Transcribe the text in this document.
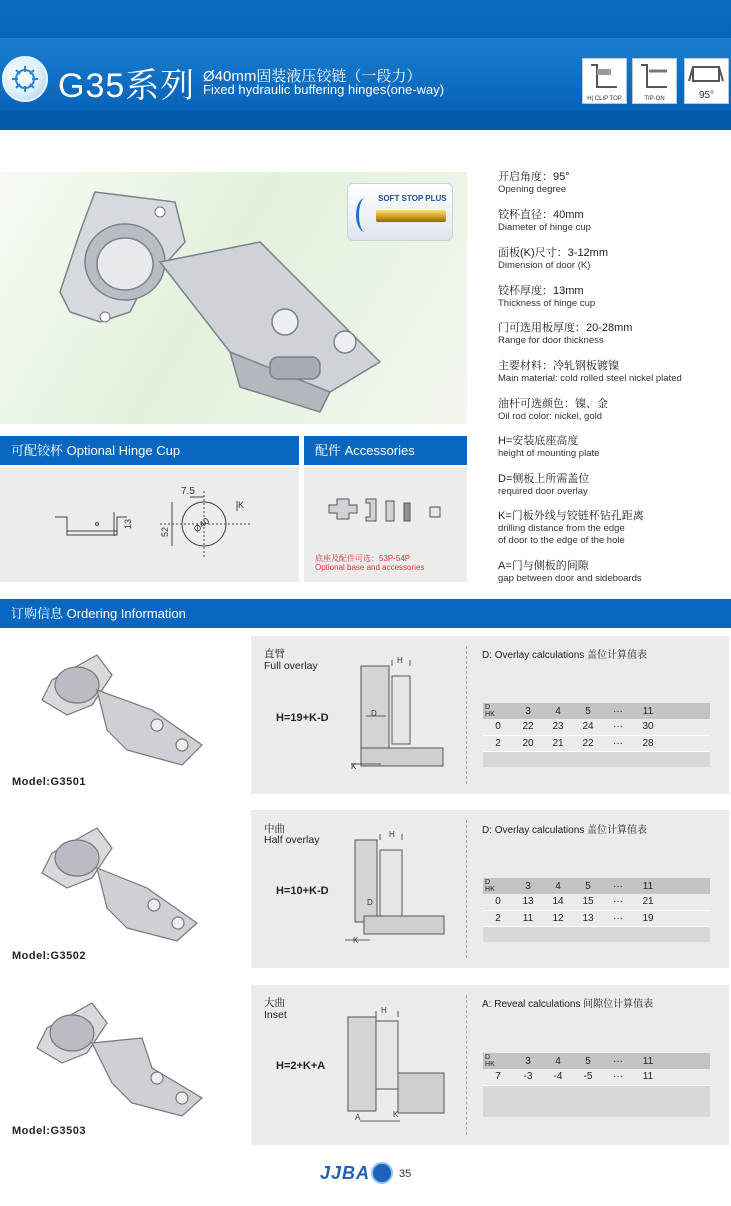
G35系列 Ø40mm固装液压铰链（一段力）
Fixed hydraulic buffering hinges(one-way)
H| CLIP TOP	TIP-ON	95°
SOFT STOP PLUS
开启角度：95°
Opening degree
铰杯直径：40mm
Diameter of hinge cup
面板(K)尺寸：3-12mm
Dimension of door (K)
铰杯厚度：13mm
Thickness of hinge cup
门可选用板厚度：20-28mm
Range for door thickness
主要材料：冷轧钢板镀镍
Main material: cold rolled steel nickel plated
油杆可选颜色：镍、金
Oil rod color: nickel, gold
H=安装底座高度
height of mounting plate
D=侧板上所需盖位
required door overlay
K=门板外线与铰链杯钻孔距离
drilling distance from the edge
of door to the edge of the hole
A=门与侧板的间隙
gap between door and sideboards
可配铰杯 Optional Hinge Cup	配件 Accessories
7.5
K
13
52 Ø40
底座及配件可选：53P-54P
Optional base and accessories
订购信息 Ordering Information
Model:G3501
直臂
Full overlay
H=19+K-D
H
D
K
D: Overlay calculations 盖位计算值表
D
HK	3	4	5	···	11	
0	22	23	24	···	30	
2	20	21	22	···	28	

Model:G3502
中曲
Half overlay
H=10+K-D
H
D
K
D: Overlay calculations 盖位计算值表
D
HK	3	4	5	···	11	
0	13	14	15	···	21	
2	11	12	13	···	19	

Model:G3503
大曲
Inset
H=2+K+A
H
A	K
A: Reveal calculations 间隙位计算值表
D
HK	3	4	5	···	11	
7	-3	-4	-5	···	11	

JJBA	35
